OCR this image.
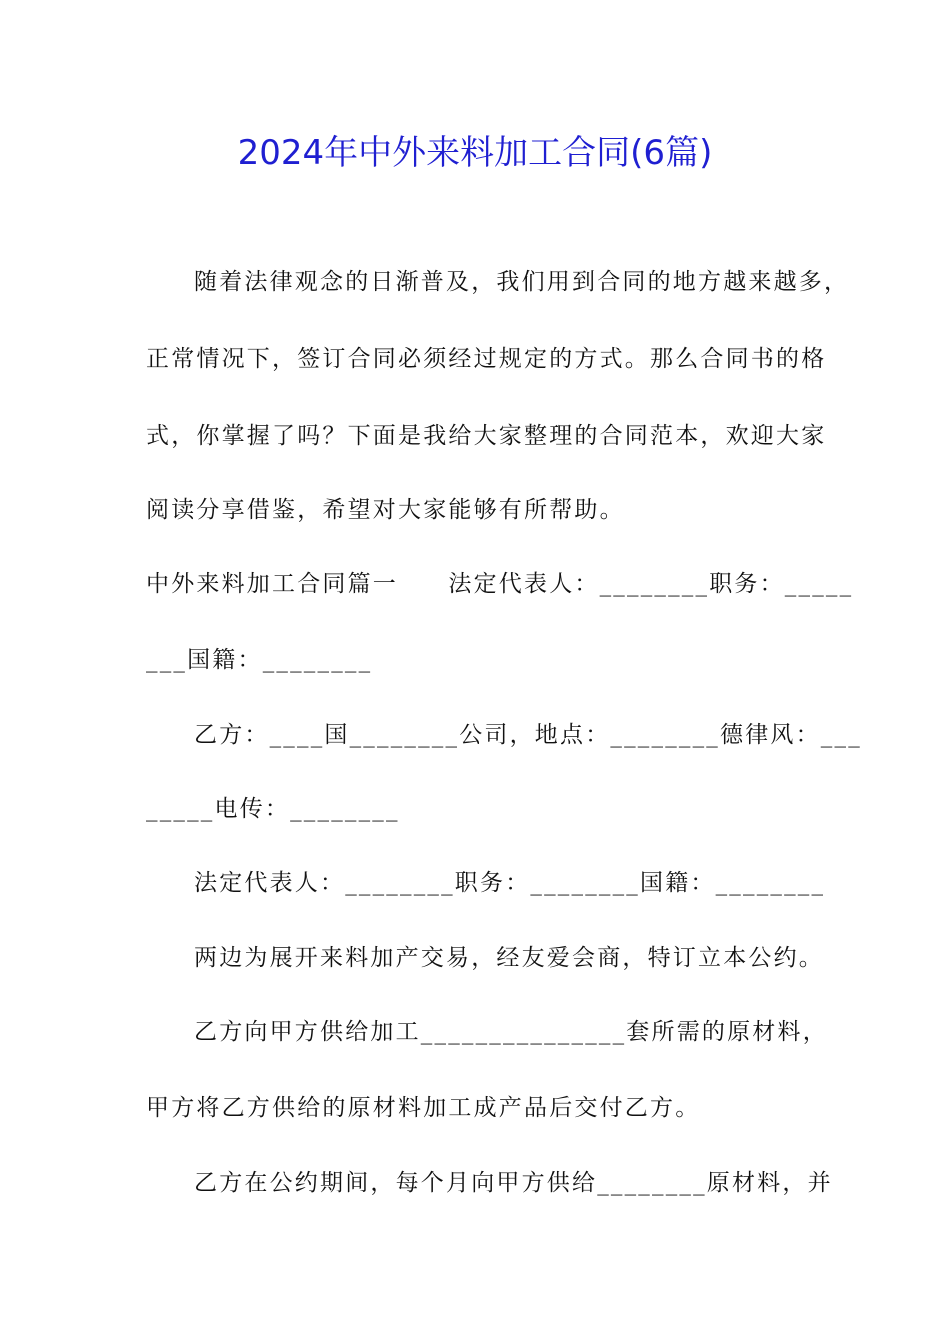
2024年中外来料加工合同(6篇)
随着法律观念的日渐普及，我们用到合同的地方越来越多，
正常情况下，签订合同必须经过规定的方式。那么合同书的格
式，你掌握了吗？下面是我给大家整理的合同范本，欢迎大家
阅读分享借鉴，希望对大家能够有所帮助。
中外来料加工合同篇一　　法定代表人：________职务：_____
___国籍：________
乙方：____国________公司，地点：________德律风：___
_____电传：________
法定代表人：________职务：________国籍：________
两边为展开来料加产交易，经友爱会商，特订立本公约。
乙方向甲方供给加工_______________套所需的原材料，
甲方将乙方供给的原材料加工成产品后交付乙方。
乙方在公约期间，每个月向甲方供给________原材料，并
